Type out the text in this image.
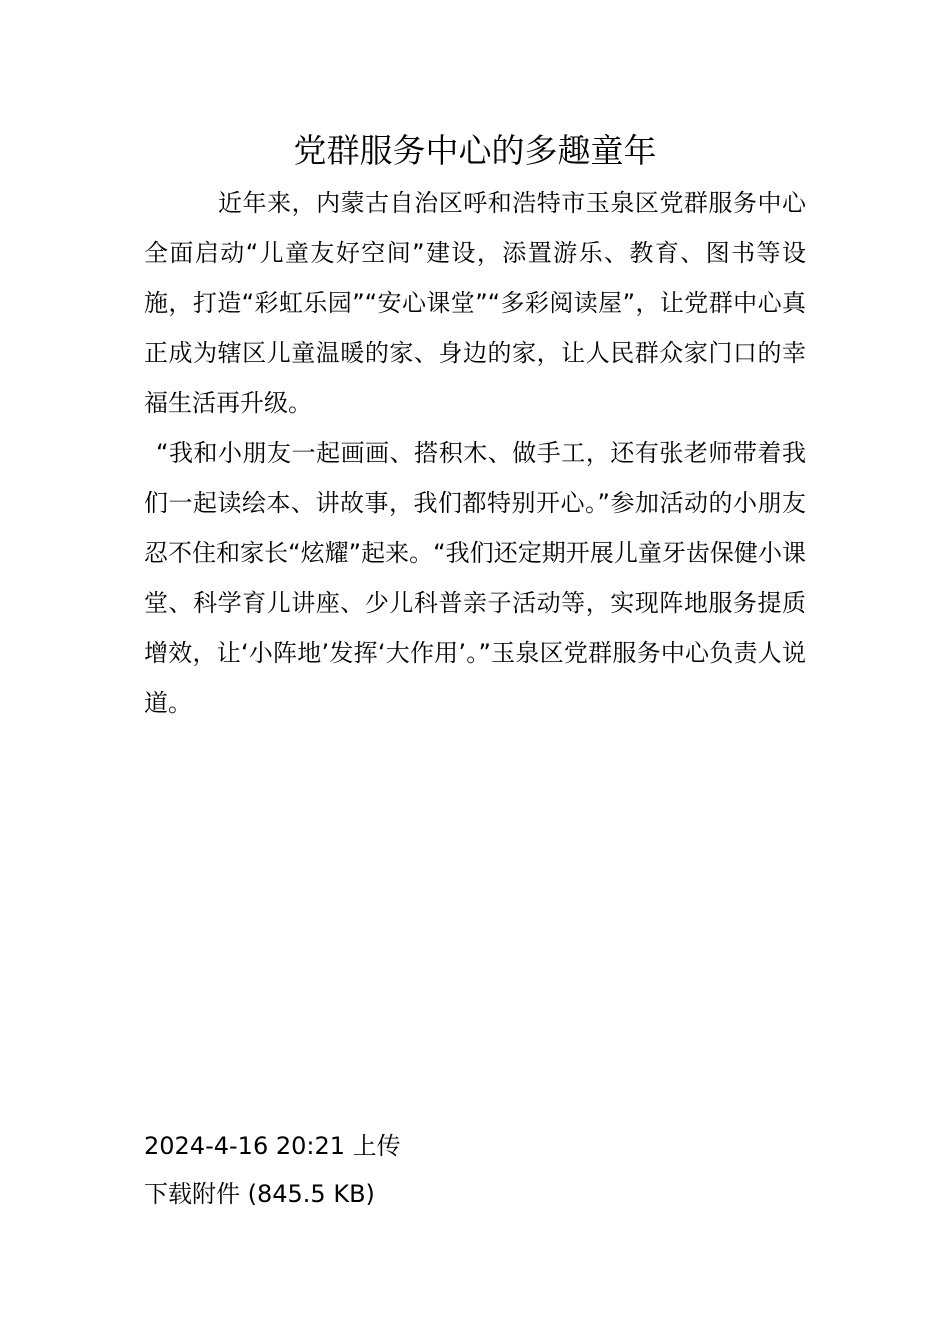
党群服务中心的多趣童年

近年来，内蒙古自治区呼和浩特市玉泉区党群服务中心全面启动“儿童友好空间”建设，添置游乐、教育、图书等设施，打造“彩虹乐园”“安心课堂”“多彩阅读屋”，让党群中心真正成为辖区儿童温暖的家、身边的家，让人民群众家门口的幸福生活再升级。

“我和小朋友一起画画、搭积木、做手工，还有张老师带着我们一起读绘本、讲故事，我们都特别开心。”参加活动的小朋友忍不住和家长“炫耀”起来。“我们还定期开展儿童牙齿保健小课堂、科学育儿讲座、少儿科普亲子活动等，实现阵地服务提质增效，让‘小阵地’发挥‘大作用’。”玉泉区党群服务中心负责人说道。

2024-4-16 20:21 上传
下载附件 (845.5 KB)
